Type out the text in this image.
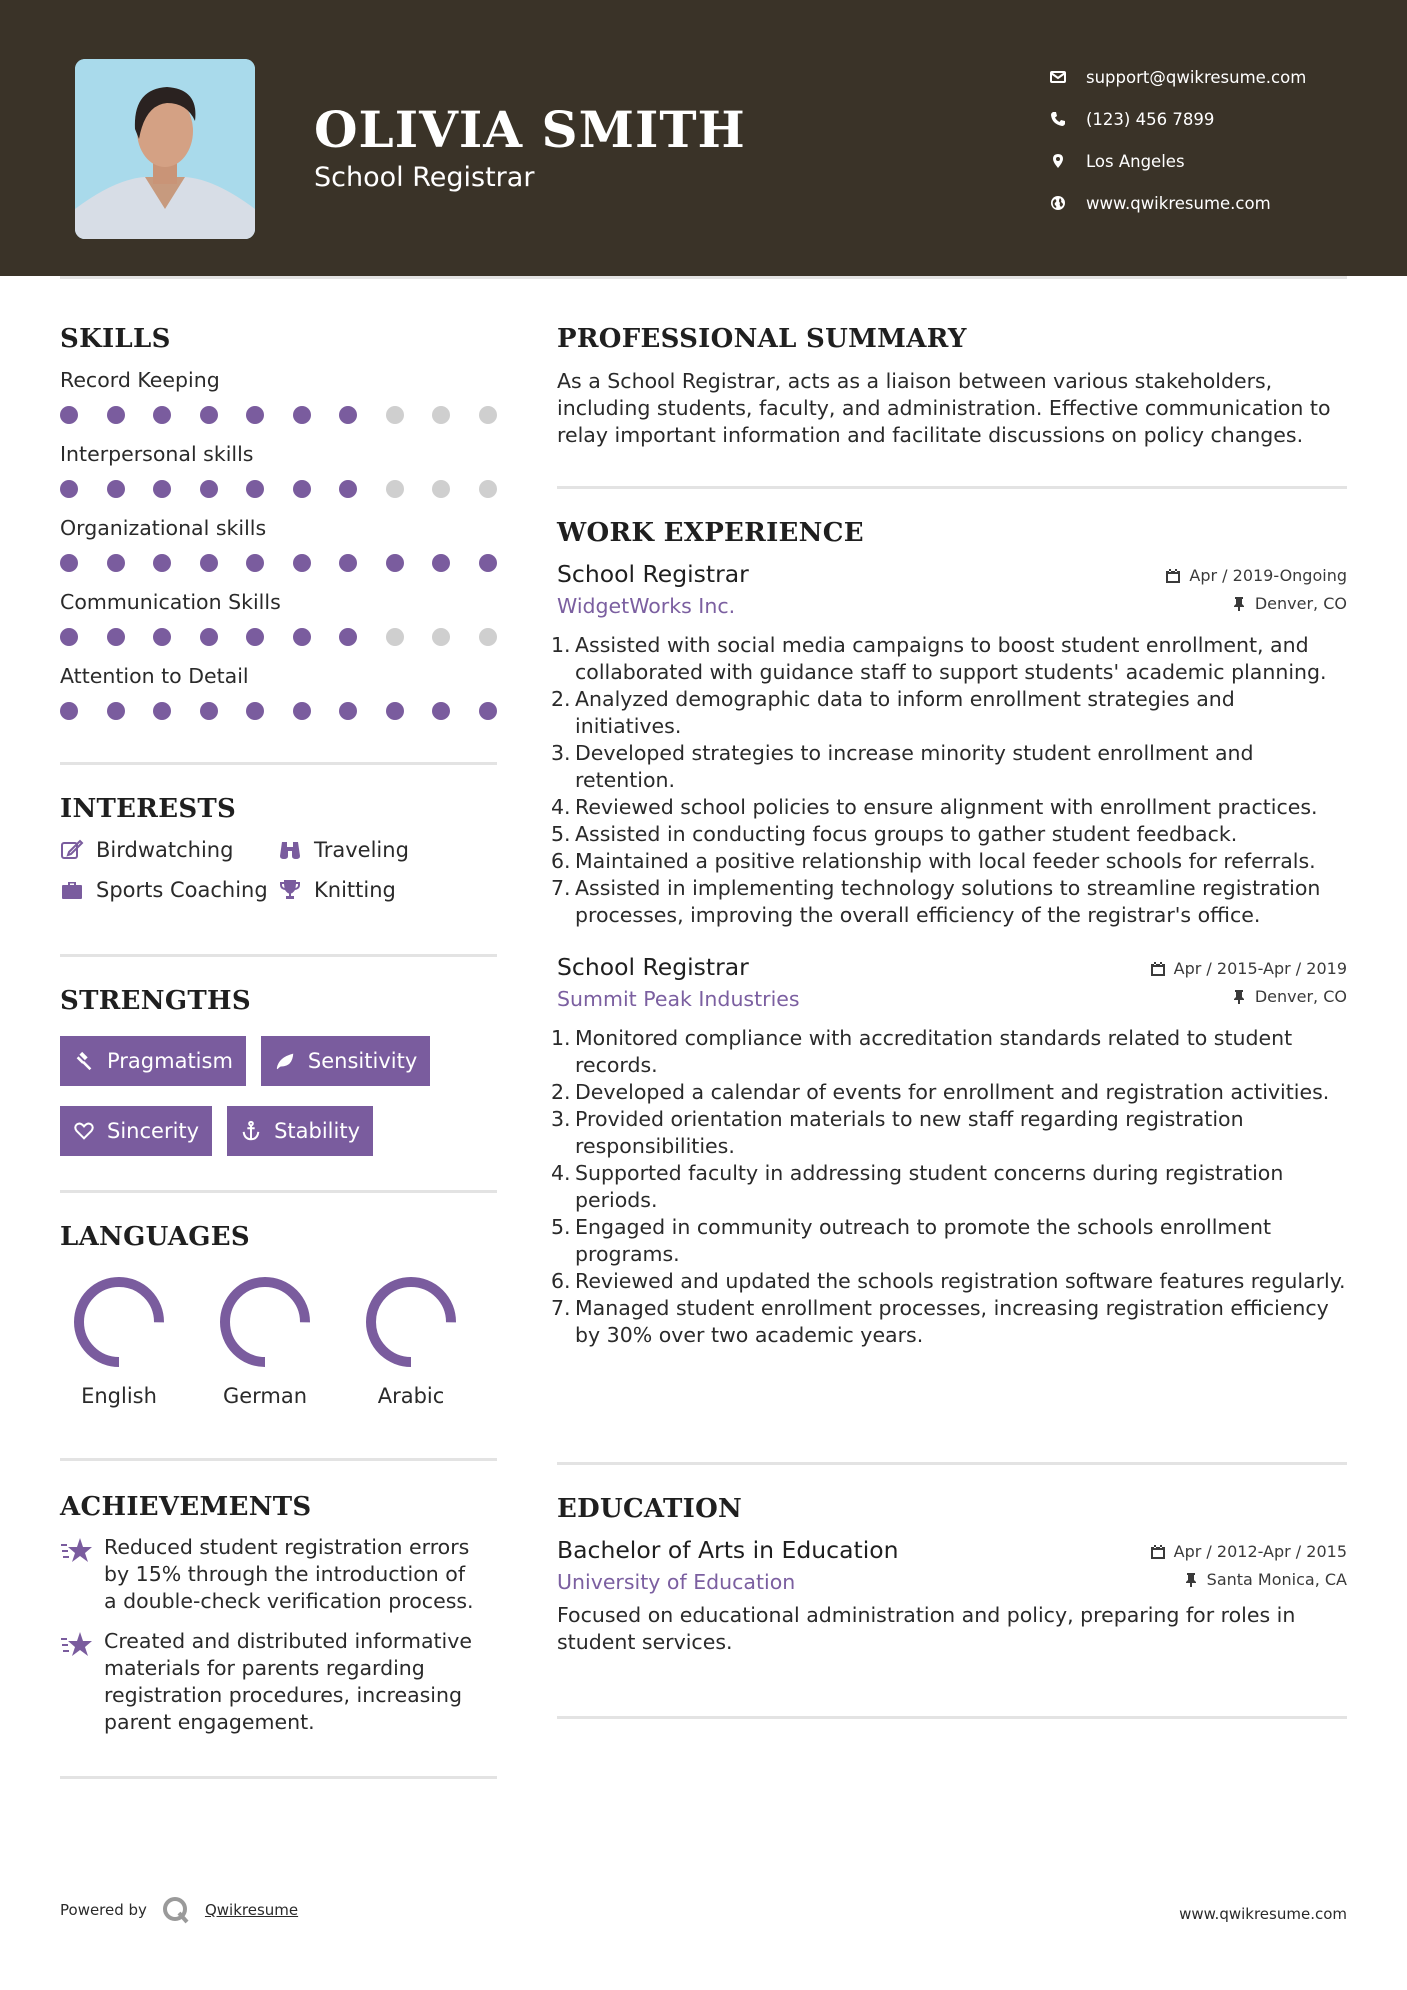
OLIVIA SMITH
School Registrar
support@qwikresume.com
(123) 456 7899
Los Angeles
www.qwikresume.com
SKILLS
Record Keeping
Interpersonal skills
Organizational skills
Communication Skills
Attention to Detail
INTERESTS
Birdwatching	Traveling
Sports Coaching Knitting
STRENGTHS
Pragmatism	Sensitivity
Sincerity	Stability
LANGUAGES
English	German	Arabic
ACHIEVEMENTS
Reduced student registration errors by 15% through the introduction of a double-check verification process.
Created and distributed informative materials for parents regarding registration procedures, increasing parent engagement.
PROFESSIONAL SUMMARY
As a School Registrar, acts as a liaison between various stakeholders, including students, faculty, and administration. Effective communication to relay important information and facilitate discussions on policy changes.
WORK EXPERIENCE
School Registrar	Apr / 2019-Ongoing
WidgetWorks Inc.	Denver, CO
1. Assisted with social media campaigns to boost student enrollment, and collaborated with guidance staff to support students' academic planning.
2. Analyzed demographic data to inform enrollment strategies and initiatives.
3. Developed strategies to increase minority student enrollment and retention.
4. Reviewed school policies to ensure alignment with enrollment practices.
5. Assisted in conducting focus groups to gather student feedback.
6. Maintained a positive relationship with local feeder schools for referrals.
7. Assisted in implementing technology solutions to streamline registration processes, improving the overall efficiency of the registrar's office.
School Registrar	Apr / 2015-Apr / 2019
Summit Peak Industries	Denver, CO
1. Monitored compliance with accreditation standards related to student records.
2. Developed a calendar of events for enrollment and registration activities.
3. Provided orientation materials to new staff regarding registration responsibilities.
4. Supported faculty in addressing student concerns during registration periods.
5. Engaged in community outreach to promote the schools enrollment programs.
6. Reviewed and updated the schools registration software features regularly.
7. Managed student enrollment processes, increasing registration efficiency by 30% over two academic years.
EDUCATION
Bachelor of Arts in Education	Apr / 2012-Apr / 2015
University of Education	Santa Monica, CA
Focused on educational administration and policy, preparing for roles in student services.
Powered by	Qwikresume	www.qwikresume.com
